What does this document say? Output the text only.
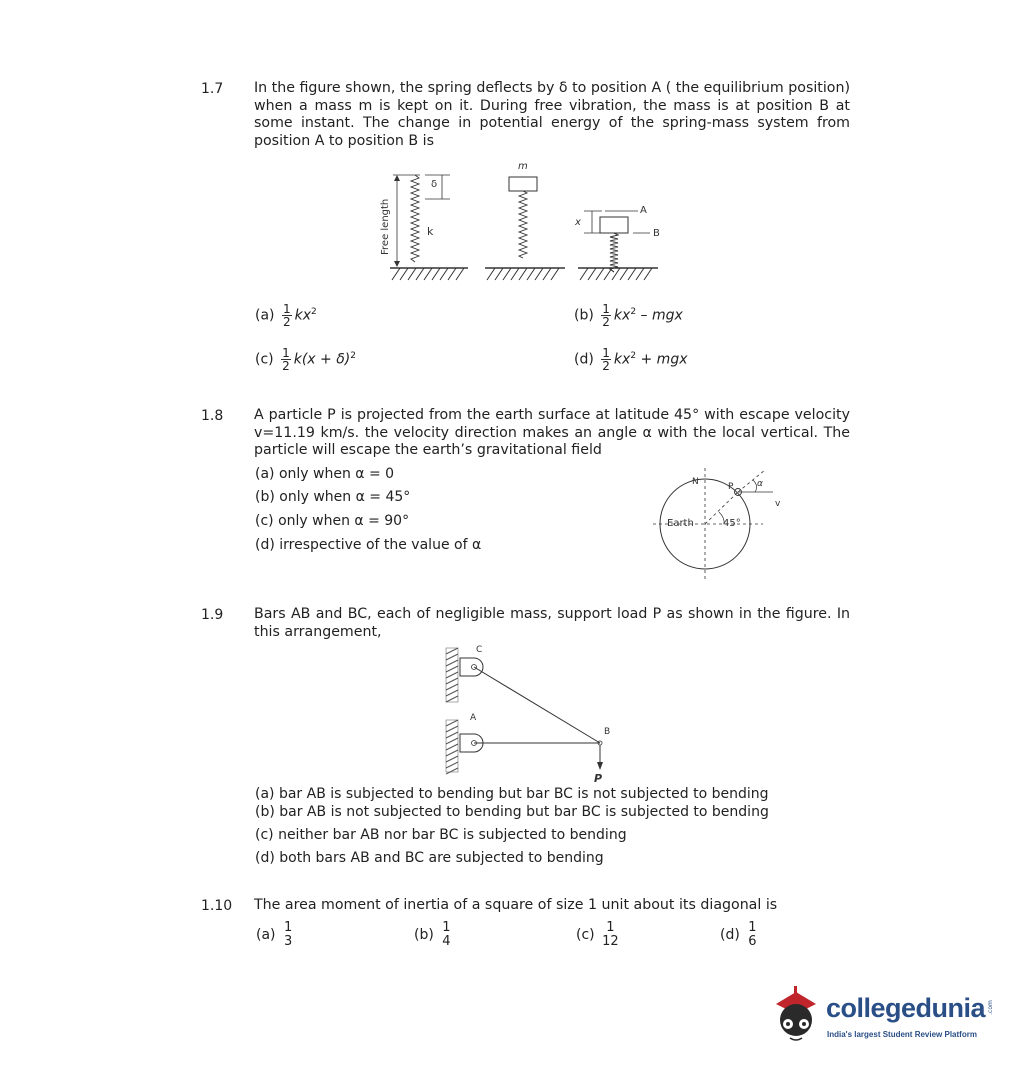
1.7 In the figure shown, the spring deflects by δ to position A ( the equilibrium position) when a mass m is kept on it. During free vibration, the mass is at position B at some instant. The change in potential energy of the spring-mass system from position A to position B is
m
Free length
δ
k
A
B
x
$(a) \frac{1}{2} kx^2$	$(b) \frac{1}{2} kx^2$ – mgx
$(c) \frac{1}{2} k(x + \delta)^2$	$(d) \frac{1}{2} kx^2$ + mgx
1.8 A particle P is projected from the earth surface at latitude 45° with escape velocity v=11.19 km/s. the velocity direction makes an angle α with the local vertical. The particle will escape the earth’s gravitational field
(a) only when α = 0
(b) only when α = 45°
(c) only when α = 90°
(d) irrespective of the value of α
N	P	α
v
Earth	45°
1.9 Bars AB and BC, each of negligible mass, support load P as shown in the figure. In this arrangement,
C
A
B
P
(a) bar AB is subjected to bending but bar BC is not subjected to bending
(b) bar AB is not subjected to bending but bar BC is subjected to bending
(c) neither bar AB nor bar BC is subjected to bending
(d) both bars AB and BC are subjected to bending
1.10 The area moment of inertia of a square of size 1 unit about its diagonal is
(a) 1
3	(b) 1
4	(c) 1
12	(d) 1
6
collegedunia .com
India's largest Student Review Platform
